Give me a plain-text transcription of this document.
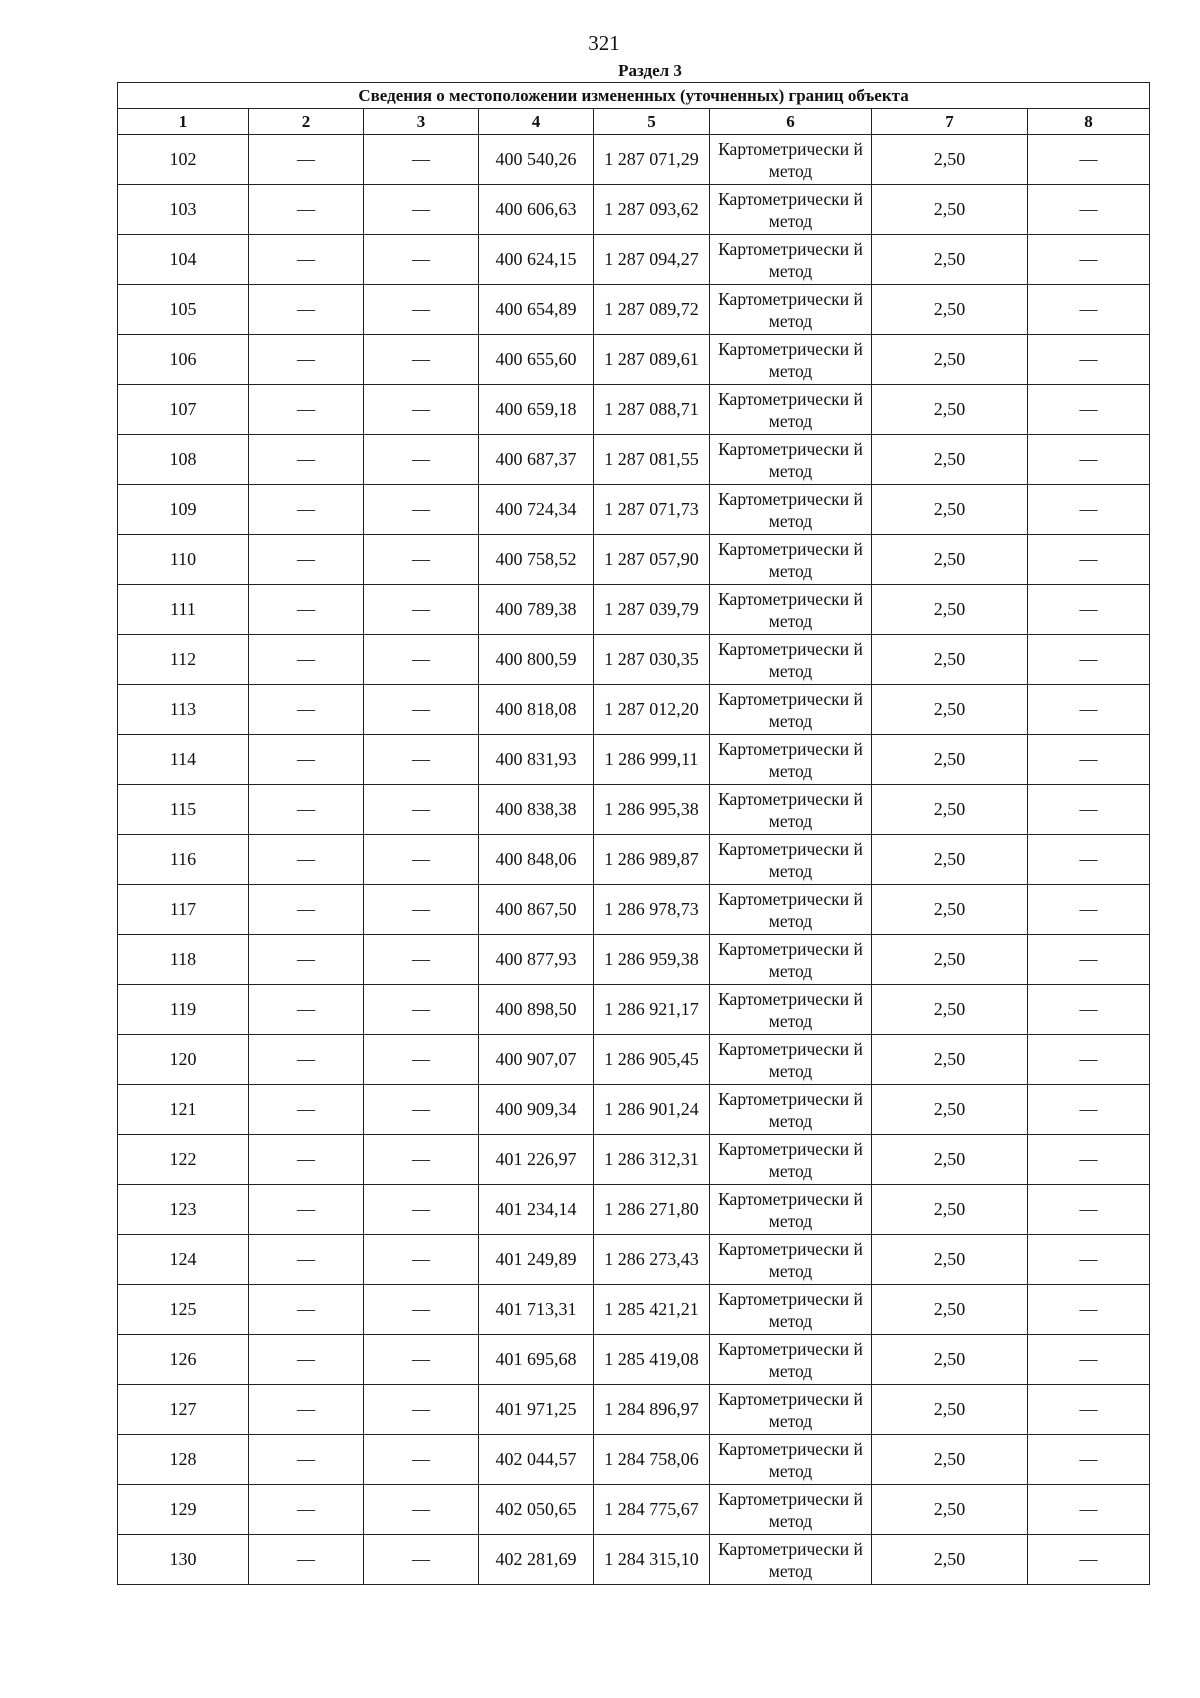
321
Раздел 3
Сведения о местоположении измененных (уточненных) границ объекта							
1	2	3	4	5	6	7	8
102	—	—	400 540,26	1 287 071,29	Картометрически й метод	2,50	—
103	—	—	400 606,63	1 287 093,62	Картометрически й метод	2,50	—
104	—	—	400 624,15	1 287 094,27	Картометрически й метод	2,50	—
105	—	—	400 654,89	1 287 089,72	Картометрически й метод	2,50	—
106	—	—	400 655,60	1 287 089,61	Картометрически й метод	2,50	—
107	—	—	400 659,18	1 287 088,71	Картометрически й метод	2,50	—
108	—	—	400 687,37	1 287 081,55	Картометрически й метод	2,50	—
109	—	—	400 724,34	1 287 071,73	Картометрически й метод	2,50	—
110	—	—	400 758,52	1 287 057,90	Картометрически й метод	2,50	—
111	—	—	400 789,38	1 287 039,79	Картометрически й метод	2,50	—
112	—	—	400 800,59	1 287 030,35	Картометрически й метод	2,50	—
113	—	—	400 818,08	1 287 012,20	Картометрически й метод	2,50	—
114	—	—	400 831,93	1 286 999,11	Картометрически й метод	2,50	—
115	—	—	400 838,38	1 286 995,38	Картометрически й метод	2,50	—
116	—	—	400 848,06	1 286 989,87	Картометрически й метод	2,50	—
117	—	—	400 867,50	1 286 978,73	Картометрически й метод	2,50	—
118	—	—	400 877,93	1 286 959,38	Картометрически й метод	2,50	—
119	—	—	400 898,50	1 286 921,17	Картометрически й метод	2,50	—
120	—	—	400 907,07	1 286 905,45	Картометрически й метод	2,50	—
121	—	—	400 909,34	1 286 901,24	Картометрически й метод	2,50	—
122	—	—	401 226,97	1 286 312,31	Картометрически й метод	2,50	—
123	—	—	401 234,14	1 286 271,80	Картометрически й метод	2,50	—
124	—	—	401 249,89	1 286 273,43	Картометрически й метод	2,50	—
125	—	—	401 713,31	1 285 421,21	Картометрически й метод	2,50	—
126	—	—	401 695,68	1 285 419,08	Картометрически й метод	2,50	—
127	—	—	401 971,25	1 284 896,97	Картометрически й метод	2,50	—
128	—	—	402 044,57	1 284 758,06	Картометрически й метод	2,50	—
129	—	—	402 050,65	1 284 775,67	Картометрически й метод	2,50	—
130	—	—	402 281,69	1 284 315,10	Картометрически й метод	2,50	—
